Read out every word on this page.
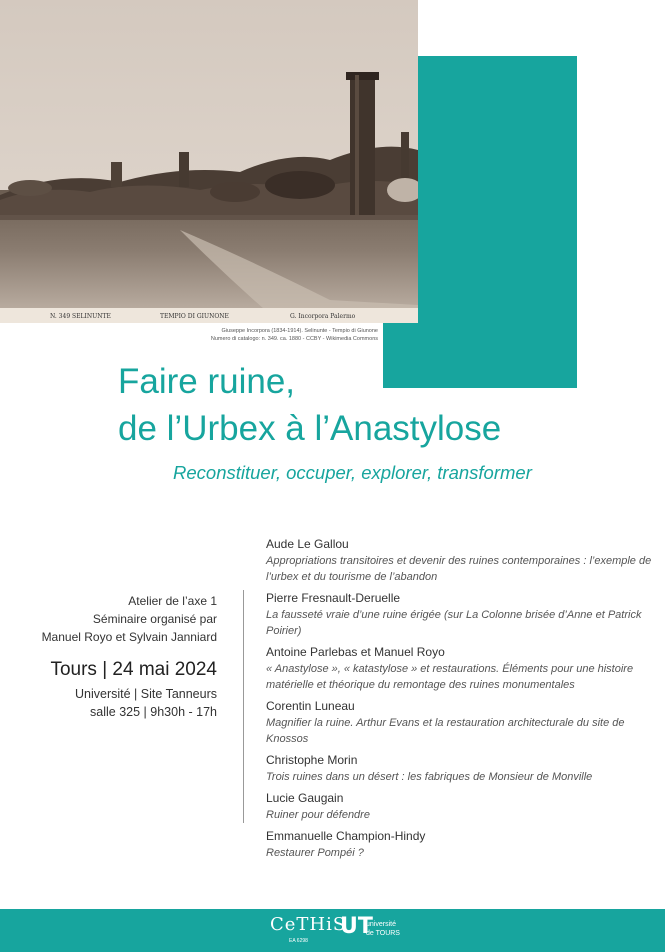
N. 349 SELINUNTE	TEMPIO DI GIUNONE	G. Incorpora Palermo
Giuseppe Incorpora (1834-1914). Selinunte - Tempio di Giunone
Numero di catalogo: n. 349. ca. 1880 - CCBY - Wikimedia Commons
Faire ruine,
de l’Urbex à l’Anastylose
Reconstituer, occuper, explorer, transformer
Atelier de l’axe 1
Séminaire organisé par
Manuel Royo et Sylvain Janniard
Tours | 24 mai 2024
Université | Site Tanneurs
salle 325 | 9h30h - 17h
Aude Le Gallou
Appropriations transitoires et devenir des ruines contemporaines : l’exemple de l’urbex et du tourisme de l’abandon
Pierre Fresnault-Deruelle
La fausseté vraie d’une ruine érigée (sur La Colonne brisée d’Anne et Patrick Poirier)
Antoine Parlebas et Manuel Royo
« Anastylose », « katastylose » et restaurations. Éléments pour une histoire matérielle et théorique du remontage des ruines monumentales
Corentin Luneau
Magnifier la ruine. Arthur Evans et la restauration architecturale du site de Knossos
Christophe Morin
Trois ruines dans un désert : les fabriques de Monsieur de Monville
Lucie Gaugain
Ruiner pour défendre
Emmanuelle Champion-Hindy
Restaurer Pompéi ?
CeTHiS
EA 6298
UT
université
de TOURS
